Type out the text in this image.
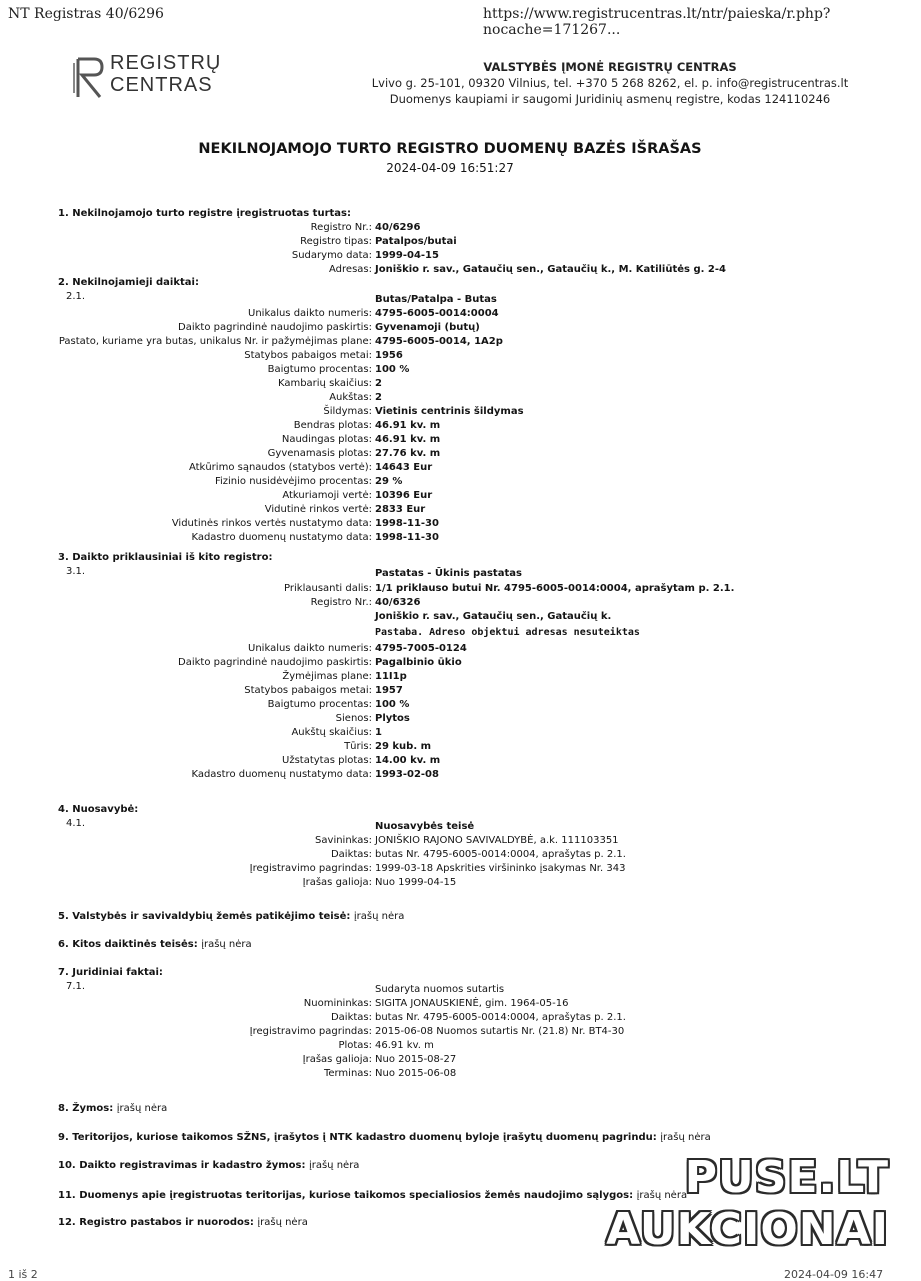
NT Registras 40/6296	https://www.registrucentras.lt/ntr/paieska/r.php?nocache=171267...
REGISTRŲ
CENTRAS
VALSTYBĖS ĮMONĖ REGISTRŲ CENTRAS
Lvivo g. 25-101, 09320 Vilnius, tel. +370 5 268 8262, el. p. info@registrucentras.lt
Duomenys kaupiami ir saugomi Juridinių asmenų registre, kodas 124110246
NEKILNOJAMOJO TURTO REGISTRO DUOMENŲ BAZĖS IŠRAŠAS
2024-04-09 16:51:27
1. Nekilnojamojo turto registre įregistruotas turtas:
Registro Nr.: 40/6296
Registro tipas: Patalpos/butai
Sudarymo data: 1999-04-15
Adresas: Joniškio r. sav., Gataučių sen., Gataučių k., M. Katiliūtės g. 2-4
2. Nekilnojamieji daiktai:
2.1.	Butas/Patalpa - Butas
Unikalus daikto numeris: 4795-6005-0014:0004
Daikto pagrindinė naudojimo paskirtis: Gyvenamoji (butų)
Pastato, kuriame yra butas, unikalus Nr. ir pažymėjimas plane: 4795-6005-0014, 1A2p
Statybos pabaigos metai: 1956
Baigtumo procentas: 100 %
Kambarių skaičius: 2
Aukštas: 2
Šildymas: Vietinis centrinis šildymas
Bendras plotas: 46.91 kv. m
Naudingas plotas: 46.91 kv. m
Gyvenamasis plotas: 27.76 kv. m
Atkūrimo sąnaudos (statybos vertė): 14643 Eur
Fizinio nusidėvėjimo procentas: 29 %
Atkuriamoji vertė: 10396 Eur
Vidutinė rinkos vertė: 2833 Eur
Vidutinės rinkos vertės nustatymo data: 1998-11-30
Kadastro duomenų nustatymo data: 1998-11-30
3. Daikto priklausiniai iš kito registro:
3.1.	Pastatas - Ūkinis pastatas
Priklausanti dalis: 1/1 priklauso butui Nr. 4795-6005-0014:0004, aprašytam p. 2.1.
Registro Nr.: 40/6326
Joniškio r. sav., Gataučių sen., Gataučių k.
Pastaba. Adreso objektui adresas nesuteiktas
Unikalus daikto numeris: 4795-7005-0124
Daikto pagrindinė naudojimo paskirtis: Pagalbinio ūkio
Žymėjimas plane: 11I1p
Statybos pabaigos metai: 1957
Baigtumo procentas: 100 %
Sienos: Plytos
Aukštų skaičius: 1
Tūris: 29 kub. m
Užstatytas plotas: 14.00 kv. m
Kadastro duomenų nustatymo data: 1993-02-08
4. Nuosavybė:
4.1.	Nuosavybės teisė
Savininkas: JONIŠKIO RAJONO SAVIVALDYBĖ, a.k. 111103351
Daiktas: butas Nr. 4795-6005-0014:0004, aprašytas p. 2.1.
Įregistravimo pagrindas: 1999-03-18 Apskrities viršininko įsakymas Nr. 343
Įrašas galioja: Nuo 1999-04-15
5. Valstybės ir savivaldybių žemės patikėjimo teisė: įrašų nėra
6. Kitos daiktinės teisės: įrašų nėra
7. Juridiniai faktai:
7.1.	Sudaryta nuomos sutartis
Nuomininkas: SIGITA JONAUSKIENĖ, gim. 1964-05-16
Daiktas: butas Nr. 4795-6005-0014:0004, aprašytas p. 2.1.
Įregistravimo pagrindas: 2015-06-08 Nuomos sutartis Nr. (21.8) Nr. BT4-30
Plotas: 46.91 kv. m
Įrašas galioja: Nuo 2015-08-27
Terminas: Nuo 2015-06-08
8. Žymos: įrašų nėra
9. Teritorijos, kuriose taikomos SŽNS, įrašytos į NTK kadastro duomenų byloje įrašytų duomenų pagrindu: įrašų nėra
10. Daikto registravimas ir kadastro žymos: įrašų nėra
11. Duomenys apie įregistruotas teritorijas, kuriose taikomos specialiosios žemės naudojimo sąlygos: įrašų nėra
12. Registro pastabos ir nuorodos: įrašų nėra
PUSE.LT
AUKCIONAI
1 iš 2	2024-04-09 16:47
